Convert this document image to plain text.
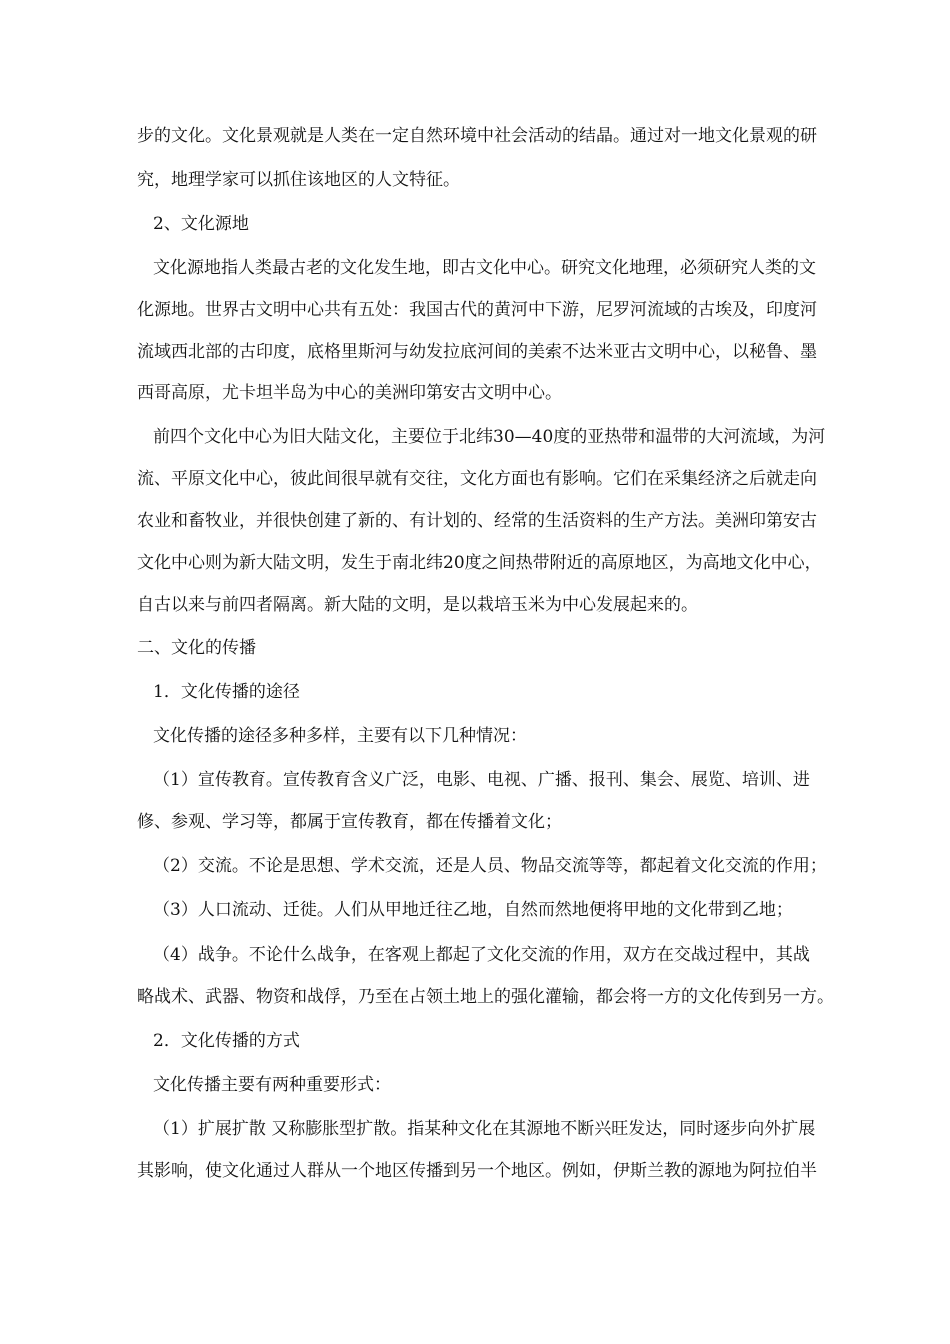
步的文化。文化景观就是人类在一定自然环境中社会活动的结晶。通过对一地文化景观的研

究，地理学家可以抓住该地区的人文特征。

2、文化源地

文化源地指人类最古老的文化发生地，即古文化中心。研究文化地理，必须研究人类的文

化源地。世界古文明中心共有五处：我国古代的黄河中下游，尼罗河流域的古埃及，印度河

流域西北部的古印度，底格里斯河与幼发拉底河间的美索不达米亚古文明中心，以秘鲁、墨

西哥高原，尤卡坦半岛为中心的美洲印第安古文明中心。

前四个文化中心为旧大陆文化，主要位于北纬30—40度的亚热带和温带的大河流域，为河

流、平原文化中心，彼此间很早就有交往，文化方面也有影响。它们在采集经济之后就走向

农业和畜牧业，并很快创建了新的、有计划的、经常的生活资料的生产方法。美洲印第安古

文化中心则为新大陆文明，发生于南北纬20度之间热带附近的高原地区，为高地文化中心，

自古以来与前四者隔离。新大陆的文明，是以栽培玉米为中心发展起来的。

二、文化的传播

1．文化传播的途径

文化传播的途径多种多样，主要有以下几种情况：

（1）宣传教育。宣传教育含义广泛，电影、电视、广播、报刊、集会、展览、培训、进

修、参观、学习等，都属于宣传教育，都在传播着文化；

（2）交流。不论是思想、学术交流，还是人员、物品交流等等，都起着文化交流的作用；

（3）人口流动、迁徙。人们从甲地迁往乙地，自然而然地便将甲地的文化带到乙地；

（4）战争。不论什么战争，在客观上都起了文化交流的作用，双方在交战过程中，其战

略战术、武器、物资和战俘，乃至在占领土地上的强化灌输，都会将一方的文化传到另一方。

2．文化传播的方式

文化传播主要有两种重要形式：

（1）扩展扩散 又称膨胀型扩散。指某种文化在其源地不断兴旺发达，同时逐步向外扩展

其影响，使文化通过人群从一个地区传播到另一个地区。例如，伊斯兰教的源地为阿拉伯半
